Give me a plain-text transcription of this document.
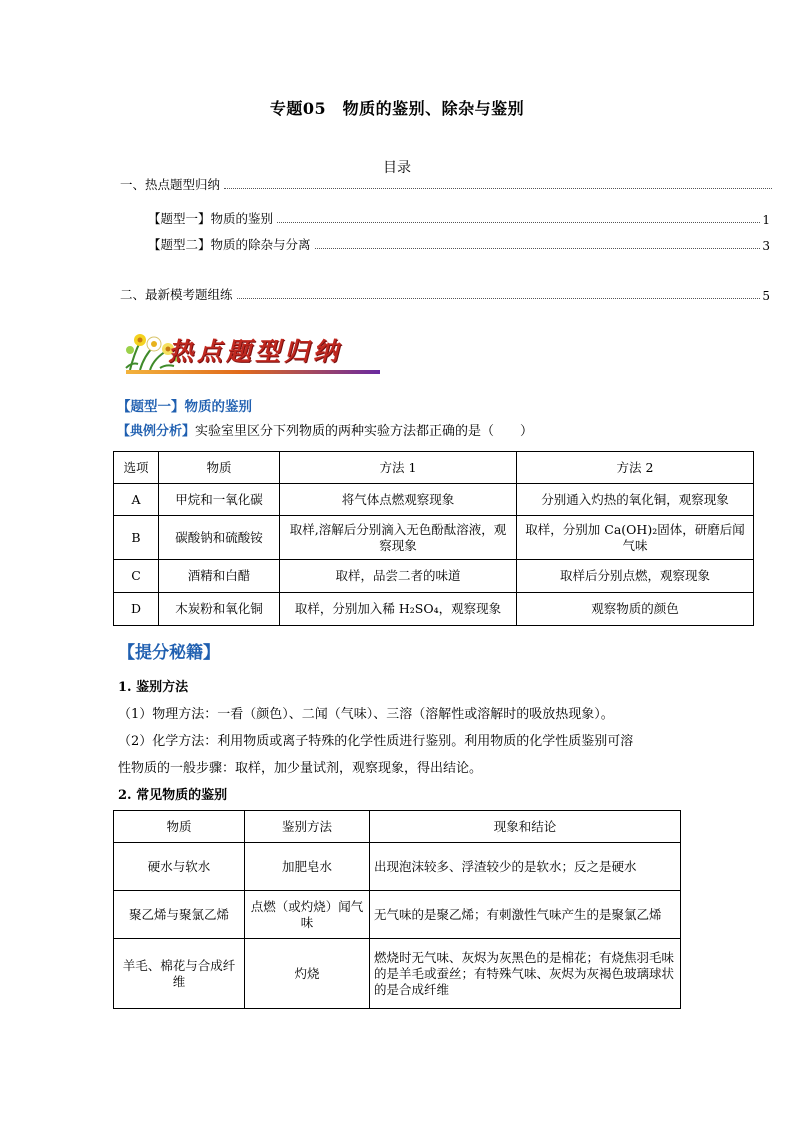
专题05　物质的鉴别、除杂与鉴别
目录
一、热点题型归纳
【题型一】物质的鉴别	1
【题型二】物质的除杂与分离	3
二、最新模考题组练	5
热点题型归纳
【题型一】物质的鉴别
【典例分析】实验室里区分下列物质的两种实验方法都正确的是（　　）
选项	物质	方法 1	方法 2
A	甲烷和一氧化碳	将气体点燃观察现象	分别通入灼热的氧化铜，观察现象
B	碳酸钠和硫酸铵	取样,溶解后分别滴入无色酚酞溶液，观察现象	取样，分别加 Ca(OH)₂固体，研磨后闻气味
C	酒精和白醋	取样，品尝二者的味道	取样后分别点燃，观察现象
D	木炭粉和氧化铜	取样，分别加入稀 H₂SO₄，观察现象	观察物质的颜色
【提分秘籍】
1. 鉴别方法
（1）物理方法：一看（颜色）、二闻（气味）、三溶（溶解性或溶解时的吸放热现象）。
（2）化学方法：利用物质或离子特殊的化学性质进行鉴别。利用物质的化学性质鉴别可溶
性物质的一般步骤：取样，加少量试剂，观察现象，得出结论。
2. 常见物质的鉴别
物质	鉴别方法	现象和结论
硬水与软水	加肥皂水	出现泡沫较多、浮渣较少的是软水；反之是硬水
聚乙烯与聚氯乙烯	点燃（或灼烧）闻气味	无气味的是聚乙烯；有刺激性气味产生的是聚氯乙烯
羊毛、棉花与合成纤维	灼烧	燃烧时无气味、灰烬为灰黑色的是棉花；有烧焦羽毛味的是羊毛或蚕丝；有特殊气味、灰烬为灰褐色玻璃球状的是合成纤维
